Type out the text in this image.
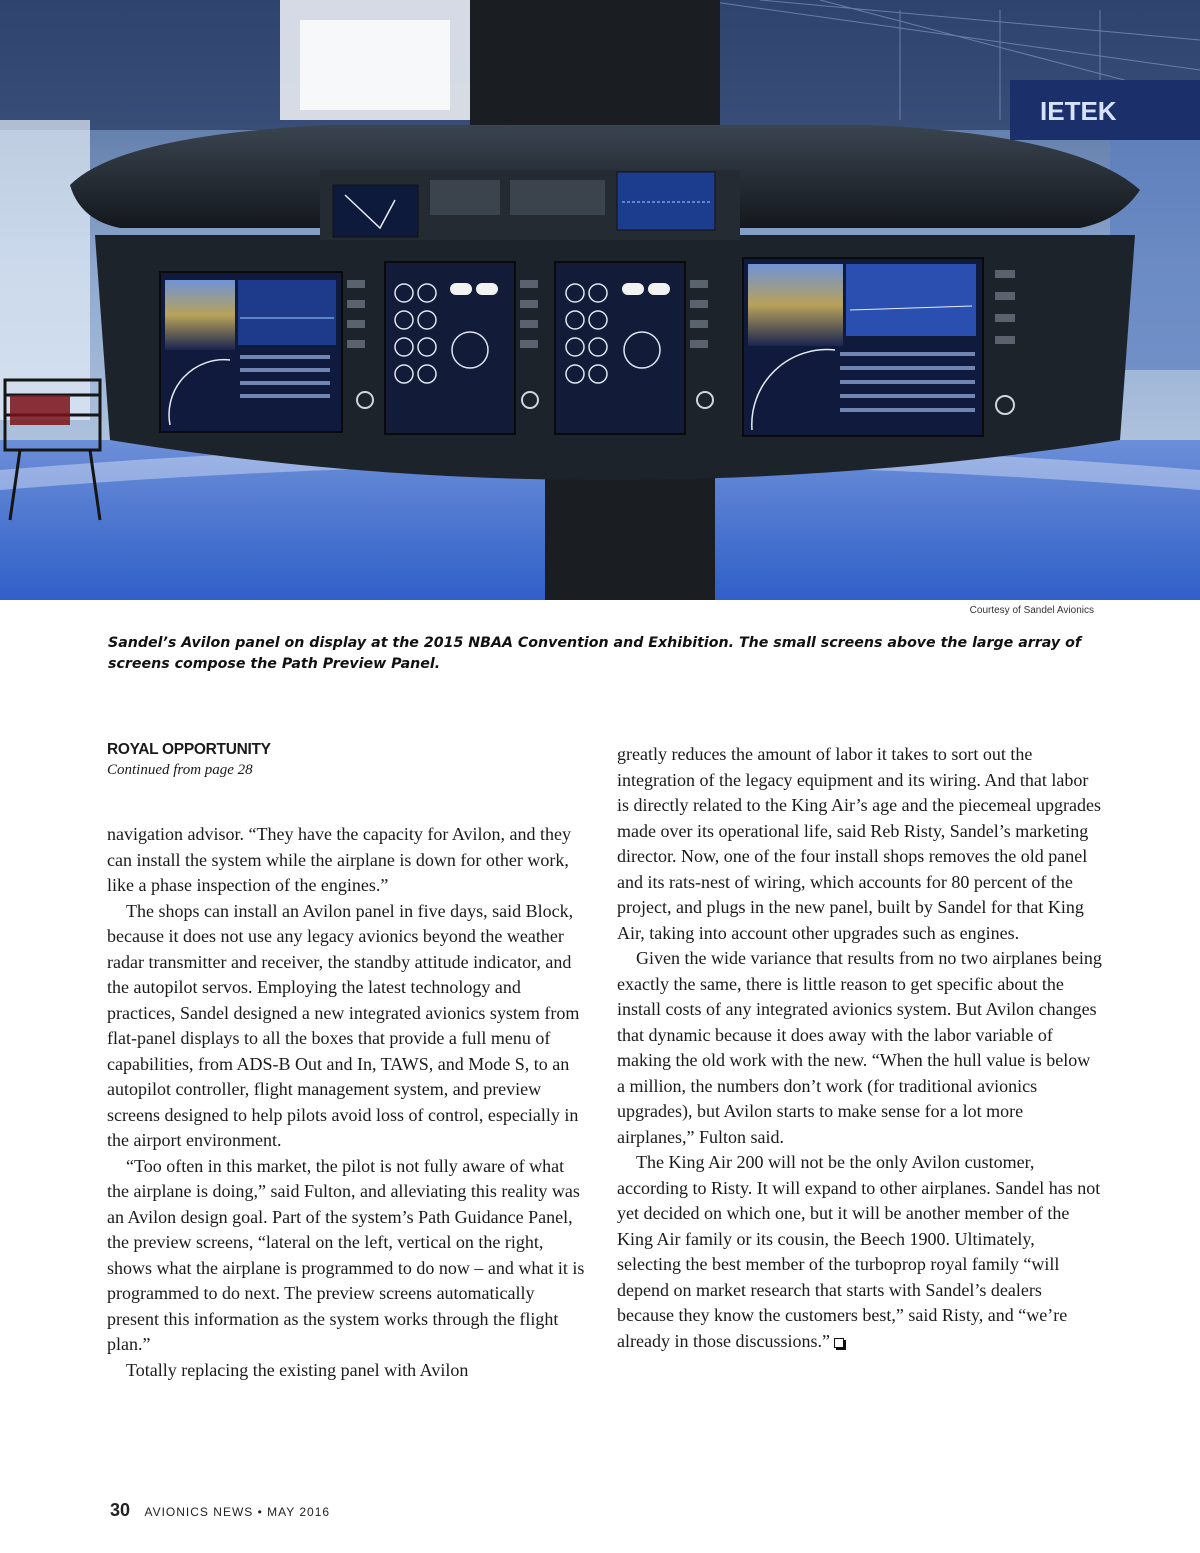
IETEK
Courtesy of Sandel Avionics
Sandel’s Avilon panel on display at the 2015 NBAA Convention and Exhibition. The small screens above the large array of screens compose the Path Preview Panel.
ROYAL OPPORTUNITY
Continued from page 28

navigation advisor. “They have the capacity for Avilon, and they can install the system while the airplane is down for other work, like a phase inspection of the engines.”

The shops can install an Avilon panel in five days, said Block, because it does not use any legacy avionics beyond the weather radar transmitter and receiver, the standby attitude indicator, and the autopilot servos. Employing the latest technology and practices, Sandel designed a new integrated avionics system from flat-panel displays to all the boxes that provide a full menu of capabilities, from ADS-B Out and In, TAWS, and Mode S, to an autopilot controller, flight management system, and preview screens designed to help pilots avoid loss of control, especially in the airport environment.

“Too often in this market, the pilot is not fully aware of what the airplane is doing,” said Fulton, and alleviating this reality was an Avilon design goal. Part of the system’s Path Guidance Panel, the preview screens, “lateral on the left, vertical on the right, shows what the airplane is programmed to do now – and what it is programmed to do next. The preview screens automatically present this information as the system works through the flight plan.”

Totally replacing the existing panel with Avilon

greatly reduces the amount of labor it takes to sort out the integration of the legacy equipment and its wiring. And that labor is directly related to the King Air’s age and the piecemeal upgrades made over its operational life, said Reb Risty, Sandel’s marketing director. Now, one of the four install shops removes the old panel and its rats-nest of wiring, which accounts for 80 percent of the project, and plugs in the new panel, built by Sandel for that King Air, taking into account other upgrades such as engines.

Given the wide variance that results from no two airplanes being exactly the same, there is little reason to get specific about the install costs of any integrated avionics system. But Avilon changes that dynamic because it does away with the labor variable of making the old work with the new. “When the hull value is below a million, the numbers don’t work (for traditional avionics upgrades), but Avilon starts to make sense for a lot more airplanes,” Fulton said.

The King Air 200 will not be the only Avilon customer, according to Risty. It will expand to other airplanes. Sandel has not yet decided on which one, but it will be another member of the King Air family or its cousin, the Beech 1900. Ultimately, selecting the best member of the turboprop royal family “will depend on market research that starts with Sandel’s dealers because they know the customers best,” said Risty, and “we’re already in those discussions.”

30 AVIONICS NEWS • MAY 2016
